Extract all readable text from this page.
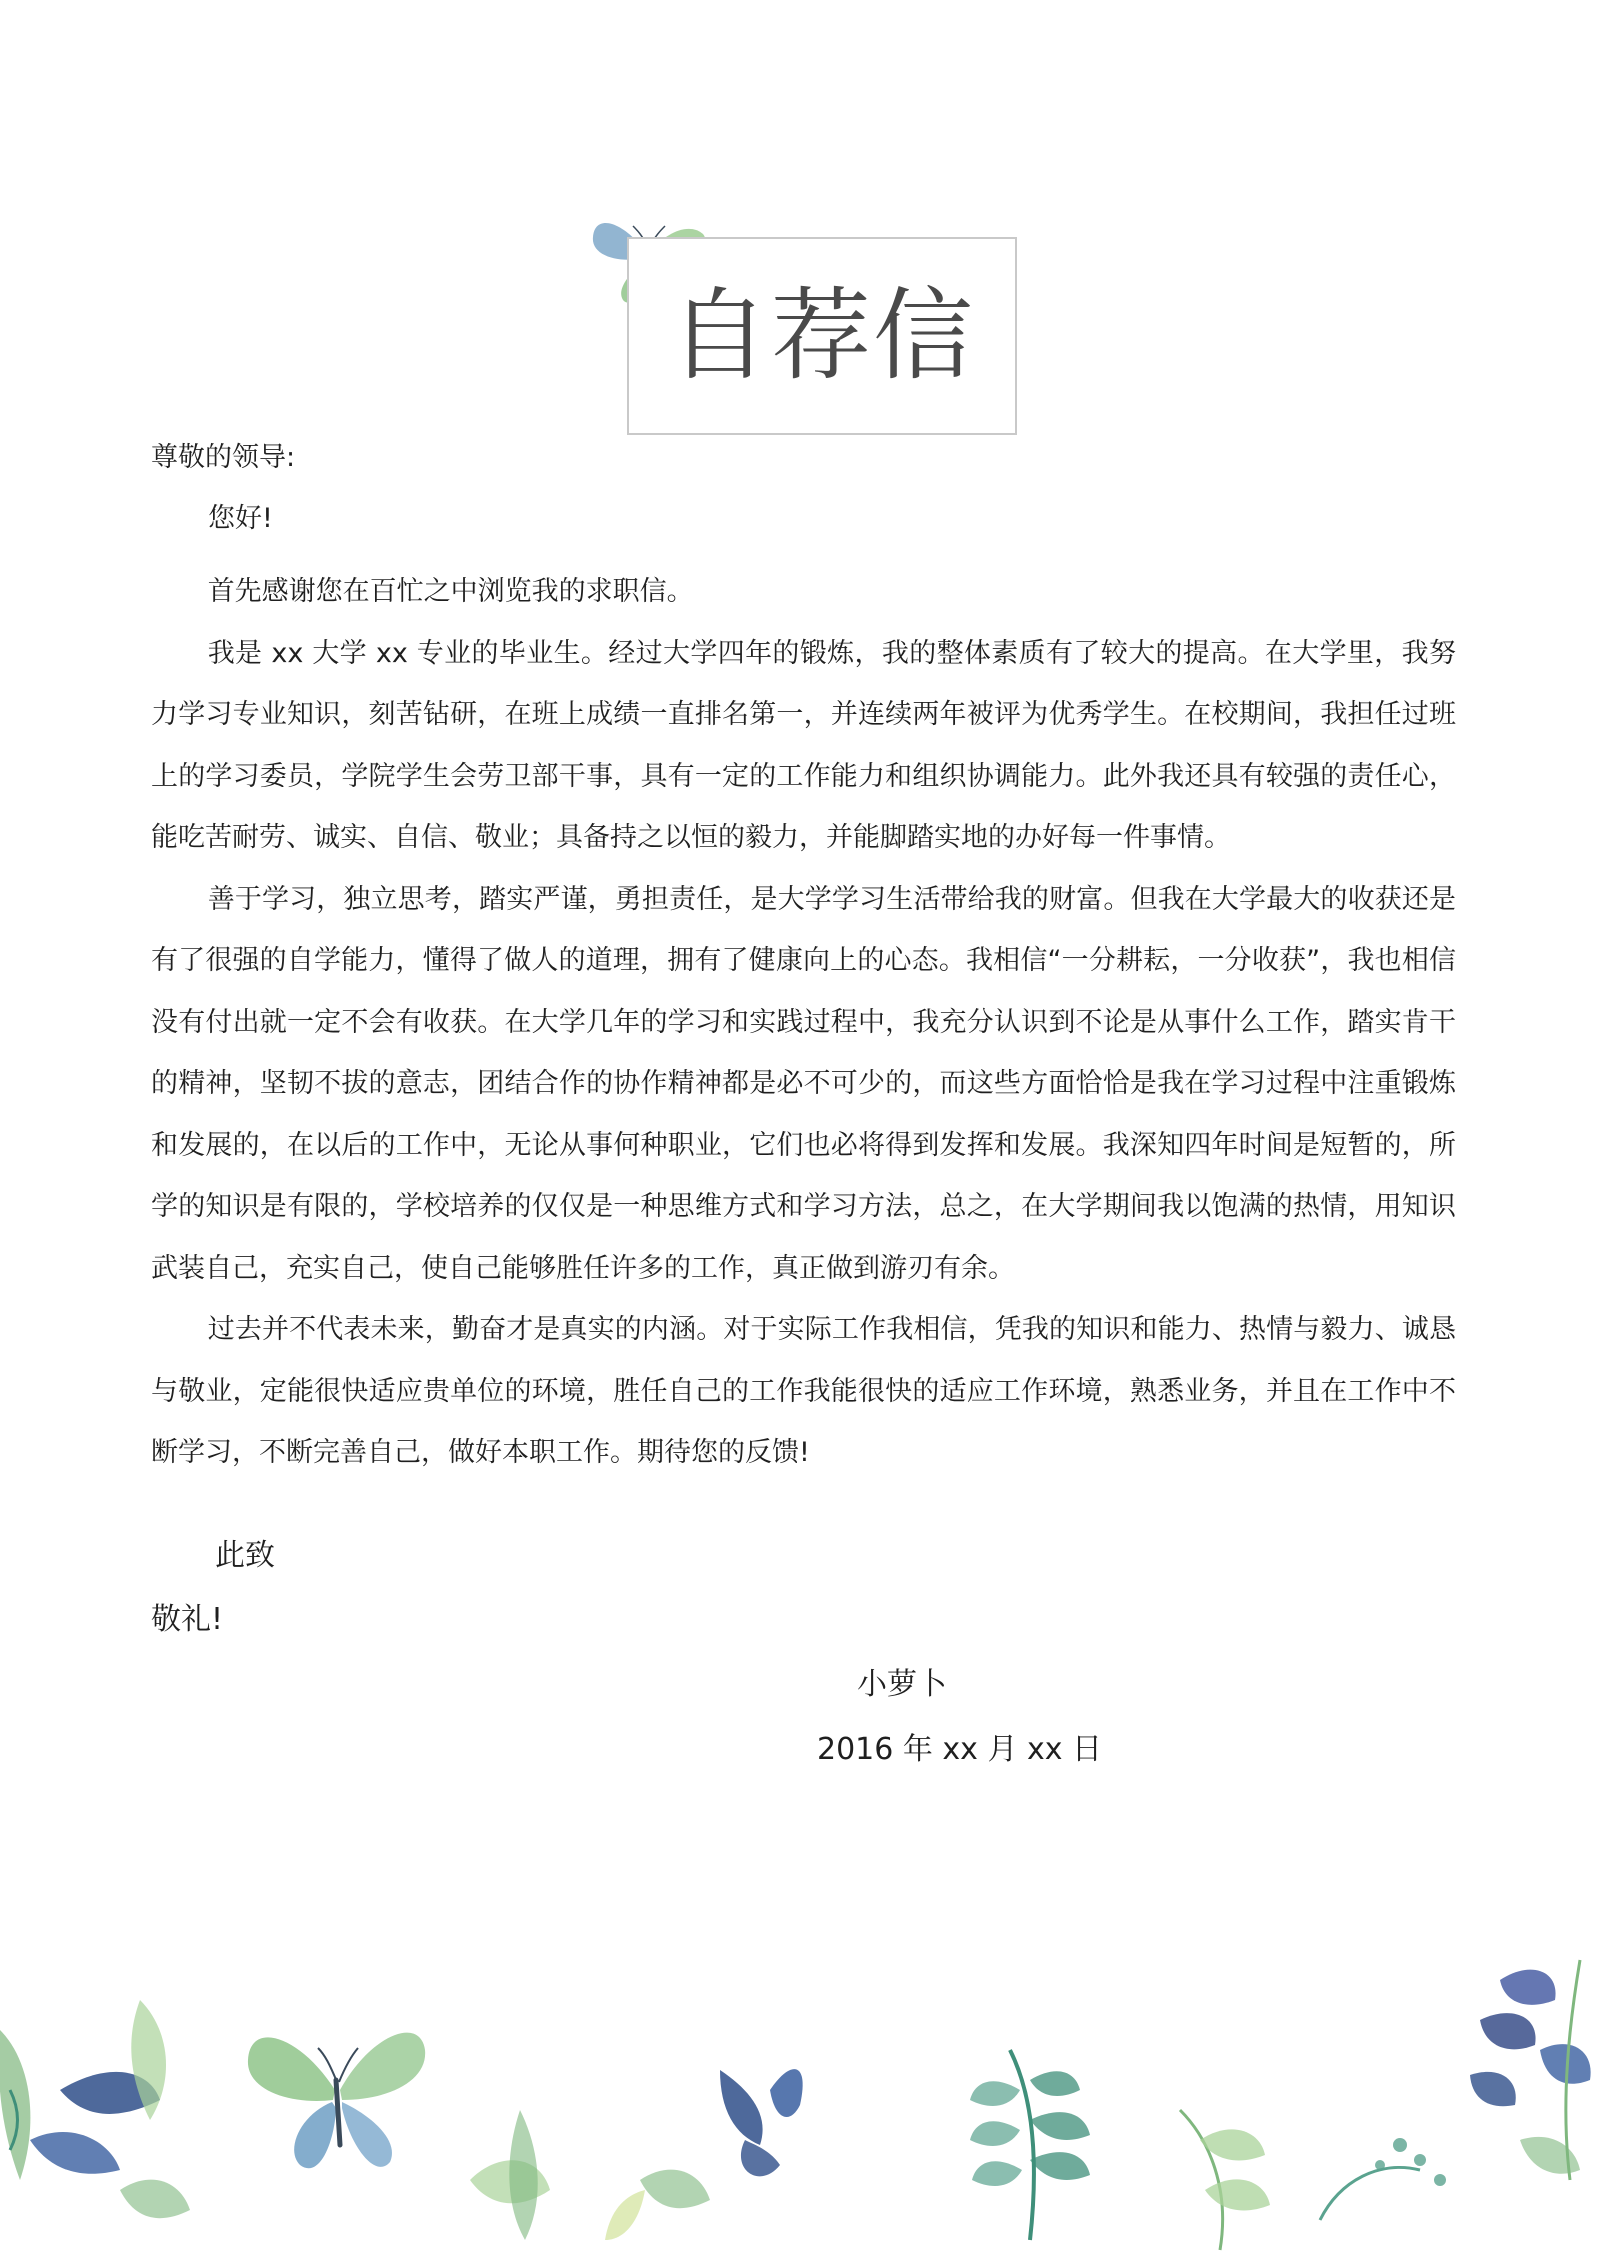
自荐信
尊敬的领导:
您好!

首先感谢您在百忙之中浏览我的求职信。

我是 xx 大学 xx 专业的毕业生。经过大学四年的锻炼，我的整体素质有了较大的提高。在大学里，我努力学习专业知识，刻苦钻研，在班上成绩一直排名第一，并连续两年被评为优秀学生。在校期间，我担任过班上的学习委员，学院学生会劳卫部干事，具有一定的工作能力和组织协调能力。此外我还具有较强的责任心，能吃苦耐劳、诚实、自信、敬业；具备持之以恒的毅力，并能脚踏实地的办好每一件事情。

善于学习，独立思考，踏实严谨，勇担责任，是大学学习生活带给我的财富。但我在大学最大的收获还是有了很强的自学能力，懂得了做人的道理，拥有了健康向上的心态。我相信“一分耕耘，一分收获”，我也相信没有付出就一定不会有收获。在大学几年的学习和实践过程中，我充分认识到不论是从事什么工作，踏实肯干的精神，坚韧不拔的意志，团结合作的协作精神都是必不可少的，而这些方面恰恰是我在学习过程中注重锻炼和发展的，在以后的工作中，无论从事何种职业，它们也必将得到发挥和发展。我深知四年时间是短暂的，所学的知识是有限的，学校培养的仅仅是一种思维方式和学习方法，总之，在大学期间我以饱满的热情，用知识武装自己，充实自己，使自己能够胜任许多的工作，真正做到游刃有余。

过去并不代表未来，勤奋才是真实的内涵。对于实际工作我相信，凭我的知识和能力、热情与毅力、诚恳与敬业，定能很快适应贵单位的环境，胜任自己的工作我能很快的适应工作环境，熟悉业务，并且在工作中不断学习，不断完善自己，做好本职工作。期待您的反馈!

此致
敬礼!
小萝卜
2016 年 xx 月 xx 日
